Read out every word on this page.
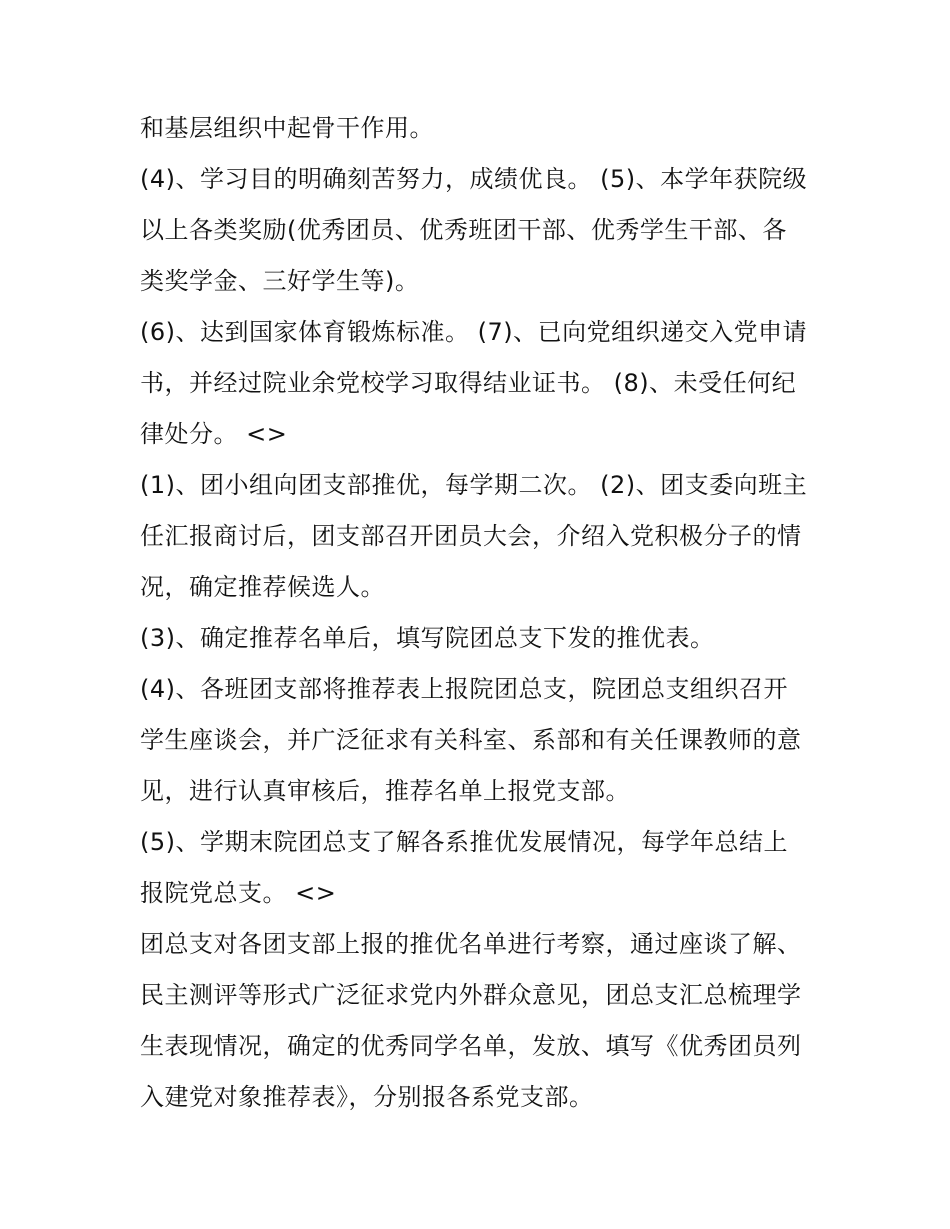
和基层组织中起骨干作用。
(4)、学习目的明确刻苦努力，成绩优良。 (5)、本学年获院级
以上各类奖励(优秀团员、优秀班团干部、优秀学生干部、各
类奖学金、三好学生等)。
(6)、达到国家体育锻炼标准。 (7)、已向党组织递交入党申请
书，并经过院业余党校学习取得结业证书。 (8)、未受任何纪
律处分。 <>
(1)、团小组向团支部推优，每学期二次。 (2)、团支委向班主
任汇报商讨后，团支部召开团员大会，介绍入党积极分子的情
况，确定推荐候选人。
(3)、确定推荐名单后，填写院团总支下发的推优表。
(4)、各班团支部将推荐表上报院团总支，院团总支组织召开
学生座谈会，并广泛征求有关科室、系部和有关任课教师的意
见，进行认真审核后，推荐名单上报党支部。
(5)、学期末院团总支了解各系推优发展情况，每学年总结上
报院党总支。 <>
团总支对各团支部上报的推优名单进行考察，通过座谈了解、
民主测评等形式广泛征求党内外群众意见，团总支汇总梳理学
生表现情况，确定的优秀同学名单，发放、填写《优秀团员列
入建党对象推荐表》，分别报各系党支部。
